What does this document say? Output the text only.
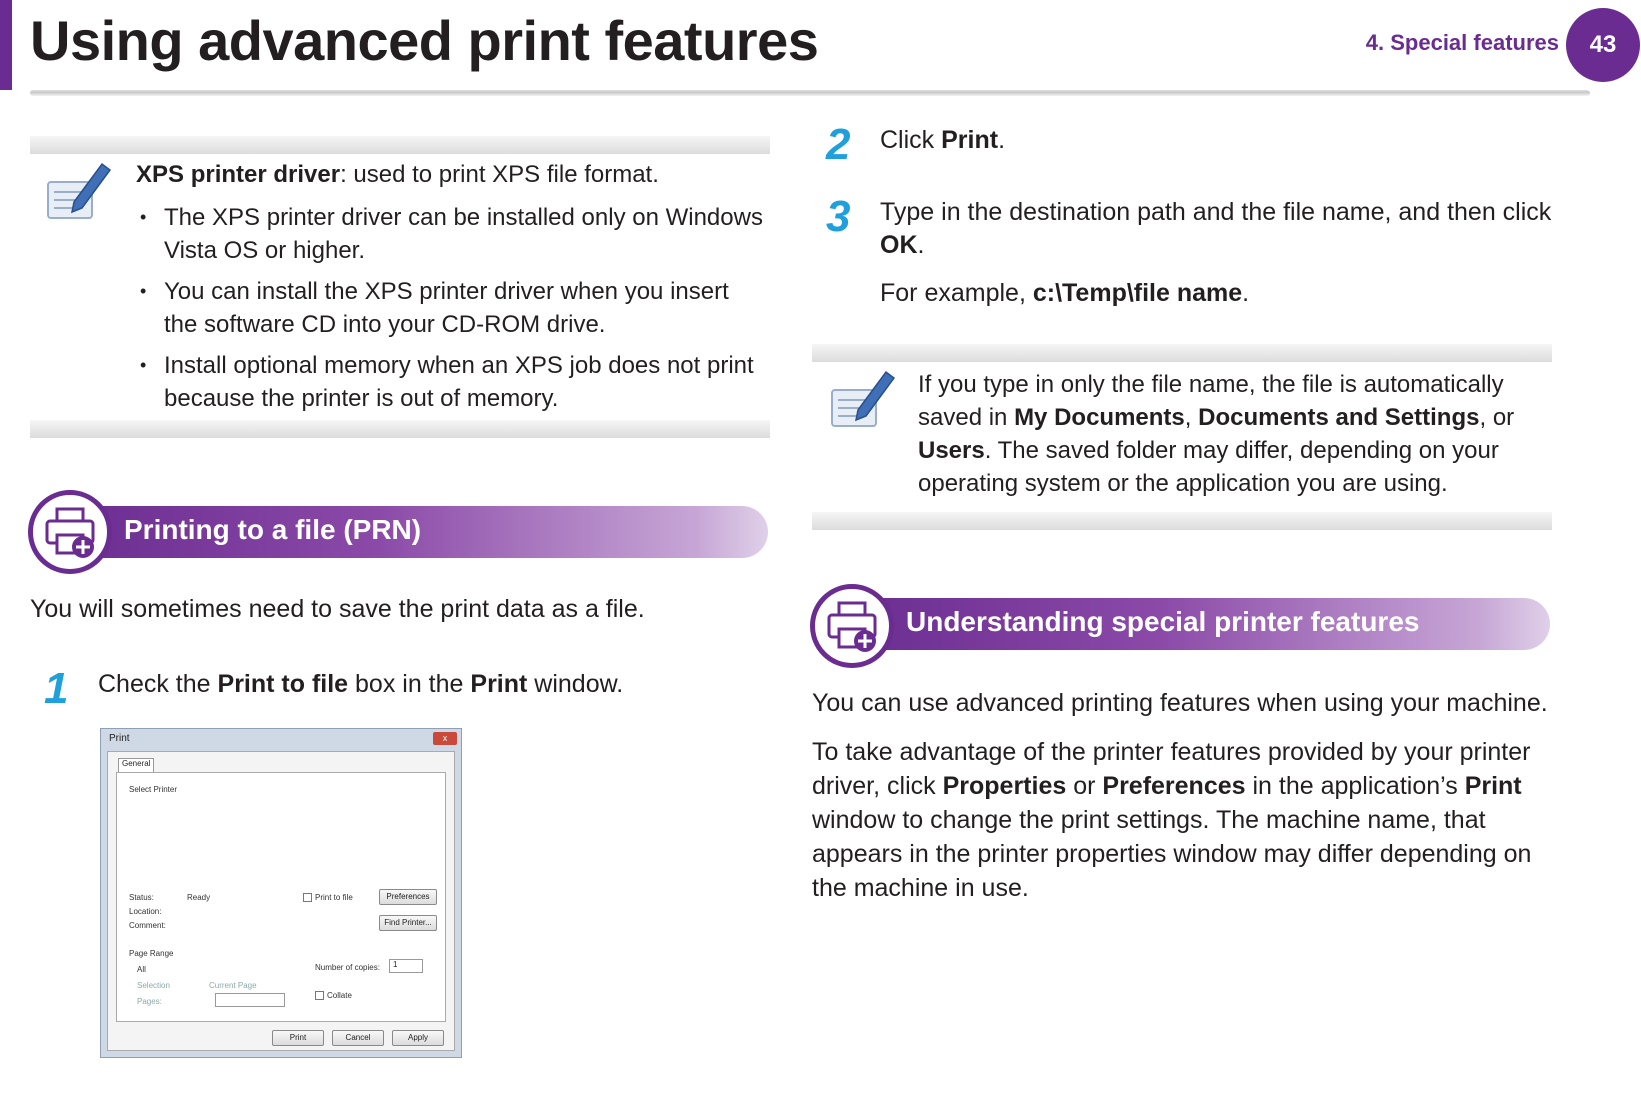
Using advanced print features	4. Special features	43
XPS printer driver: used to print XPS file format.
• The XPS printer driver can be installed only on Windows Vista OS or higher.
• You can install the XPS printer driver when you insert the software CD into your CD-ROM drive.
• Install optional memory when an XPS job does not print because the printer is out of memory.
Printing to a file (PRN)
You will sometimes need to save the print data as a file.
1 Check the Print to file box in the Print window.
Print	x
General
Select Printer
Status:	Ready
Location:
Comment:
Print to file	Preferences
Find Printer...
Page Range
All
Selection	Current Page
Pages:
Number of copies:	1
Collate
Print	Cancel	Apply
2 Click Print.
3 Type in the destination path and the file name, and then click OK.
For example, c:\Temp\file name.
If you type in only the file name, the file is automatically saved in My Documents, Documents and Settings, or Users. The saved folder may differ, depending on your operating system or the application you are using.
Understanding special printer features
You can use advanced printing features when using your machine.
To take advantage of the printer features provided by your printer driver, click Properties or Preferences in the application’s Print window to change the print settings. The machine name, that appears in the printer properties window may differ depending on the machine in use.
